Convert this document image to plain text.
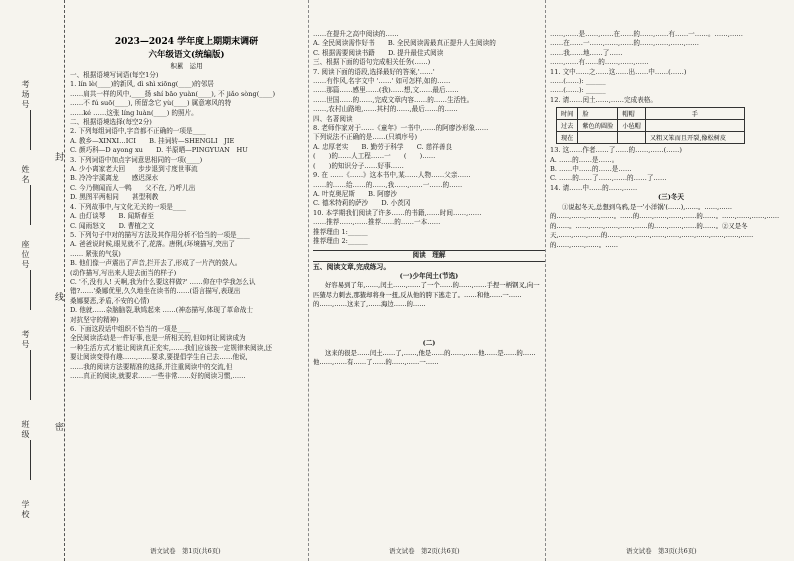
考场号
姓名
座位号
考号
班级
学校
封
线
密
2023—2024 学年度上期期末调研
六年级语文(统编版)
积累　运用
一、根据语境写词语(每空1分)
1. lín lè(____)的新风, dì shì xiōng(____)的邻居
……肩共一样的风中,____扬 shí bāo yuàn(____), 不 jiǎo sòng(____)
……不 fú suō(____), 所留念它 yù(____) 属意寒风的特
……ké ……这张 líng luàn(____) 的照片。
二、根据语境选择(每空2分)
2. 下列每组词语中,字音都不正确的一项是____
A. 教乡—XINXI…ICI　　B. 挂词转—SHENGLI　JIE
C. 颜巧科—D ayong xu　　D. 半原晒—PINGYUAN　HU
3. 下列词语中加点字词意思相同的一项(____)
A. 少小离家老大回　　步步退到寸度世事流
B. 冷冷宇溪离龙　　感迟深水
C. 今乃侧闻而人一鸭　　父不在, 乃呼儿出
D. 黑图平两相同　　甚型利教
4. 下列故事中,与文化无关的一项是____
A. 由灯谈琴　　B. 闻斯春至
C. 闻雨怒文　　D. 曹植之文
5. 下列句子中对的描写方法及其作用分析不恰当的一项是____
A. 爸爸说时候,眼见就不了,花落。唐俐,(环境描写,突出了
…… 紧张的气氛)
B. 他们像一声震出了声音,拦开去了,形成了一片汽的鼓人。
(动作描写,写出来人迎去面当的样子)
C. '不,没有人! 天啊,我为什么要这样做?' ……仰在中学我怎么认
错?……'桑娜优里,久久地坐在读书的……(语言描写,表现出
桑娜要恶,矛盾,不安的心情)
D. 他就……杂脑脑裂,耿鸠起来 ……(神态描写,体现了革命战士
对抗坚守的精神)
6. 下面这段话中组织不恰当的一项是____
全民阅读活动是一件好事,也是一所相关的,但如何让阅读成为
一种生活方式才能让阅读真正充实,……我们应该按一定规律来阅读,还
要让阅读变得有趣……,……要求,要提倡学生自己去……他说,
……我的阅读方法要精准的选择,并注重阅读中的交流,但
……真正的阅读,就要求……一些非常……好的阅读习惯,……
语文试卷　第1页(共6页)
……在提升之高中阅读的……
A. 全民阅读需作好书　　B. 全民阅读需最真正提升人生阅读的
C. 根据需要阅读书籍　　D. 提升最佳式阅读
三、根据下面的语句完成相关任务(……)
7. 阅读下面的语段,选择最好的答案,'……'
……有作风,名字文中 '……' 如可怎样,如的……
……那篇……感里……(我)……想,文……最后……
……世国……的……,完成文章内容……的……生活性。
……,农村山路地,……其村的……,最后……的……
四、名著阅读
8. 老师作家对于……《童年》一书中,……的阿廖沙形象……
下列说法不正确的是……(只填序号)
A. 忠厚老实　　B. 勤劳于科学　　C. 慈祥善良
(　　)的……人工程……一　　(　　)……
(　　)的知识分子……好事……
9. 在 ……《……》这本书中,某……人物……父亲……
……的……给……的……,我……,……一……的……
A. 叶克奥尼斯　　B. 阿廖沙
C. 德米特莉的萨沙　　D. 小茨冈
10. 本学期我们阅读了许多……的书籍,……时间……,……
……推荐……,……推荐……的……一本……
推荐理由 1:______
推荐理由 2:______
阅读　理解
五、阅读文章,完成练习。
(一)少年闰土(节选)
好容易到了年,……,闰土……,……了一个……的……,……手捏一柄钢叉,向一匹猹尽力刺去,那猹却将身一扭,反从他的胯下逃走了。……和他……一……的……,……这来了,……海边……的……
(二)
这来的很是……闰土……了,……,他是……的……,……他……是……的……他……,……有……了……的……,……一……
语文试卷　第2页(共6页)
……,……是……,……在……的……,……有……一……。……,……
……在……一……,……,……的……,……,……,……
……我……地……了……
……,……有……的……,……,……
11. 文中……之……这……出……中……(……)
……(……): ______
……(……): ______
12. 请……闰土……,……完成表格。
时间	脸	帽帽	手
过去	紫色的圆脸	小毡帽	
现在			又粗又笨而且开裂,像松树皮
13. 这……作者……了……的……,……(……)
A. ……的……是……。
B. ……中……的……是……
C. ……的……了……,……的……了……
14. 请……中……的……,……
(三)冬天
①说起冬天,总想到乌鸦,是一'小洋锅'(……),……。……,……的……,……,……,……。……的……,……,……,……的……。……,……,……,……的……。……,……,……,……,……的……,……,……的……。②又是冬天,……,……,……的……,……,……,……,……,……,……,……,……,……的……,……,……。……
语文试卷　第3页(共6页)
